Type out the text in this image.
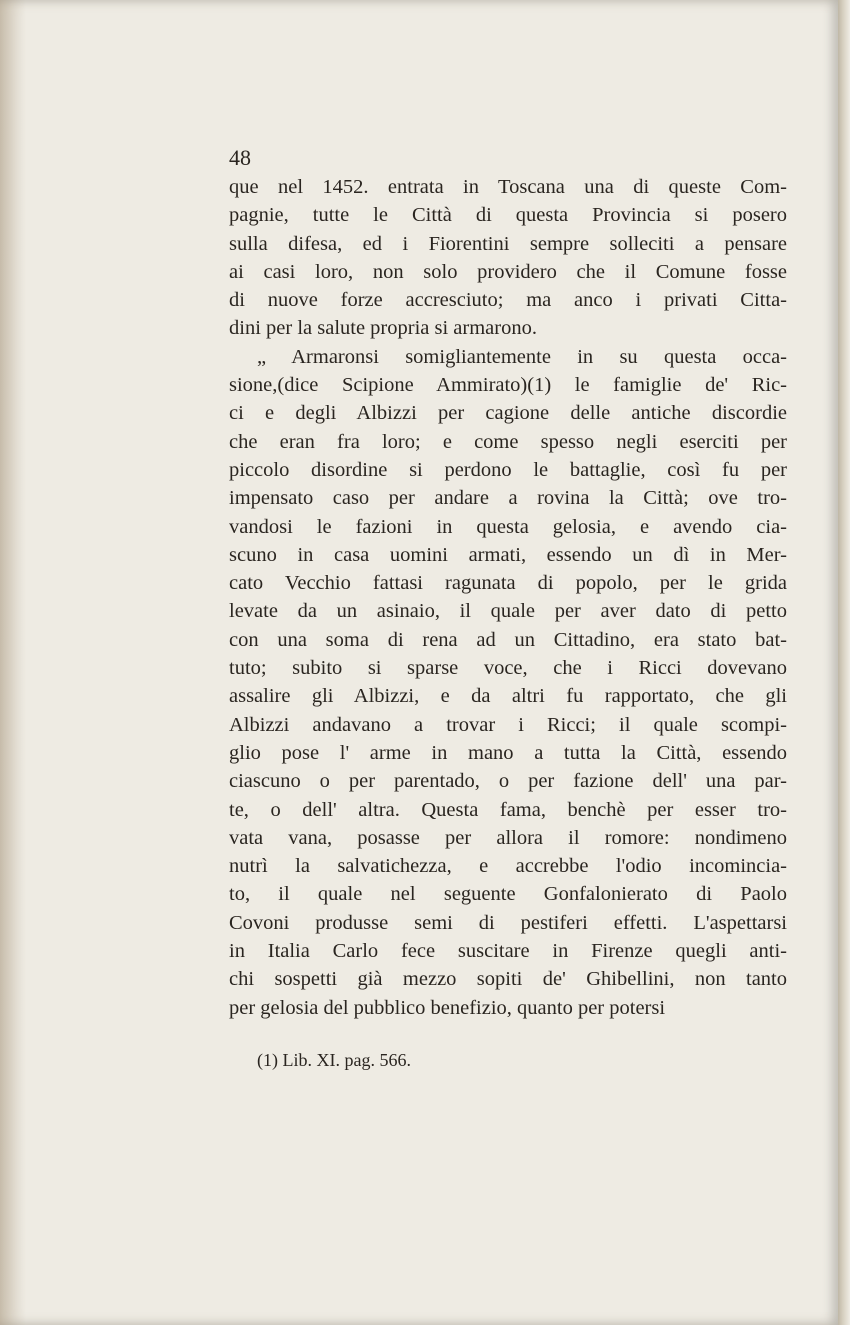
48
que nel 1452. entrata in Toscana una di queste Com-
pagnie, tutte le Città di questa Provincia si posero
sulla difesa, ed i Fiorentini sempre solleciti a pensare
ai casi loro, non solo providero che il Comune fosse
di nuove forze accresciuto; ma anco i privati Citta-
dini per la salute propria si armarono.
„ Armaronsi somigliantemente in su questa occa-
sione,(dice Scipione Ammirato)(1) le famiglie de' Ric-
ci e degli Albizzi per cagione delle antiche discordie
che eran fra loro; e come spesso negli eserciti per
piccolo disordine si perdono le battaglie, così fu per
impensato caso per andare a rovina la Città; ove tro-
vandosi le fazioni in questa gelosia, e avendo cia-
scuno in casa uomini armati, essendo un dì in Mer-
cato Vecchio fattasi ragunata di popolo, per le grida
levate da un asinaio, il quale per aver dato di petto
con una soma di rena ad un Cittadino, era stato bat-
tuto; subito si sparse voce, che i Ricci dovevano
assalire gli Albizzi, e da altri fu rapportato, che gli
Albizzi andavano a trovar i Ricci; il quale scompi-
glio pose l' arme in mano a tutta la Città, essendo
ciascuno o per parentado, o per fazione dell' una par-
te, o dell' altra. Questa fama, benchè per esser tro-
vata vana, posasse per allora il romore: nondimeno
nutrì la salvatichezza, e accrebbe l'odio incomincia-
to, il quale nel seguente Gonfalonierato di Paolo
Covoni produsse semi di pestiferi effetti. L'aspettarsi
in Italia Carlo fece suscitare in Firenze quegli anti-
chi sospetti già mezzo sopiti de' Ghibellini, non tanto
per gelosia del pubblico benefizio, quanto per potersi
(1) Lib. XI. pag. 566.
